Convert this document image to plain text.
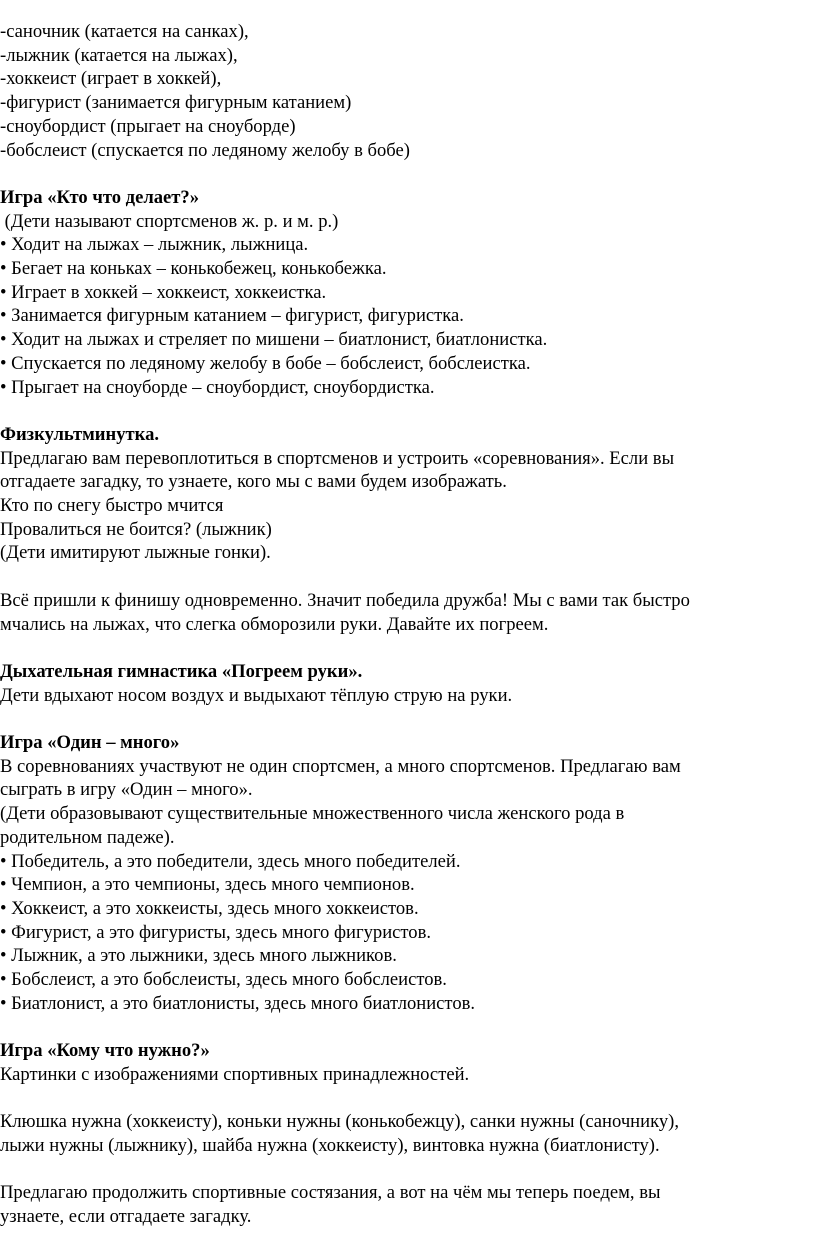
-саночник (катается на санках),

-лыжник (катается на лыжах),

-хоккеист (играет в хоккей),

-фигурист (занимается фигурным катанием)

-сноубордист (прыгает на сноуборде)

-бобслеист (спускается по ледяному желобу в бобе)

Игра «Кто что делает?»

(Дети называют спортсменов ж. р. и м. р.)

• Ходит на лыжах – лыжник, лыжница.

• Бегает на коньках – конькобежец, конькобежка.

• Играет в хоккей – хоккеист, хоккеистка.

• Занимается фигурным катанием – фигурист, фигуристка.

• Ходит на лыжах и стреляет по мишени – биатлонист, биатлонистка.

• Спускается по ледяному желобу в бобе – бобслеист, бобслеистка.

• Прыгает на сноуборде – сноубордист, сноубордистка.

Физкультминутка.

Предлагаю вам перевоплотиться в спортсменов и устроить «соревнования». Если вы

отгадаете загадку, то узнаете, кого мы с вами будем изображать.

Кто по снегу быстро мчится

Провалиться не боится? (лыжник)

(Дети имитируют лыжные гонки).

Всё пришли к финишу одновременно. Значит победила дружба! Мы с вами так быстро

мчались на лыжах, что слегка обморозили руки. Давайте их погреем.

Дыхательная гимнастика «Погреем руки».

Дети вдыхают носом воздух и выдыхают тёплую струю на руки.

Игра «Один – много»

В соревнованиях участвуют не один спортсмен, а много спортсменов. Предлагаю вам

сыграть в игру «Один – много».

(Дети образовывают существительные множественного числа женского рода в

родительном падеже).

• Победитель, а это победители, здесь много победителей.

• Чемпион, а это чемпионы, здесь много чемпионов.

• Хоккеист, а это хоккеисты, здесь много хоккеистов.

• Фигурист, а это фигуристы, здесь много фигуристов.

• Лыжник, а это лыжники, здесь много лыжников.

• Бобслеист, а это бобслеисты, здесь много бобслеистов.

• Биатлонист, а это биатлонисты, здесь много биатлонистов.

Игра «Кому что нужно?»

Картинки с изображениями спортивных принадлежностей.

Клюшка нужна (хоккеисту), коньки нужны (конькобежцу), санки нужны (саночнику),

лыжи нужны (лыжнику), шайба нужна (хоккеисту), винтовка нужна (биатлонисту).

Предлагаю продолжить спортивные состязания, а вот на чём мы теперь поедем, вы

узнаете, если отгадаете загадку.
